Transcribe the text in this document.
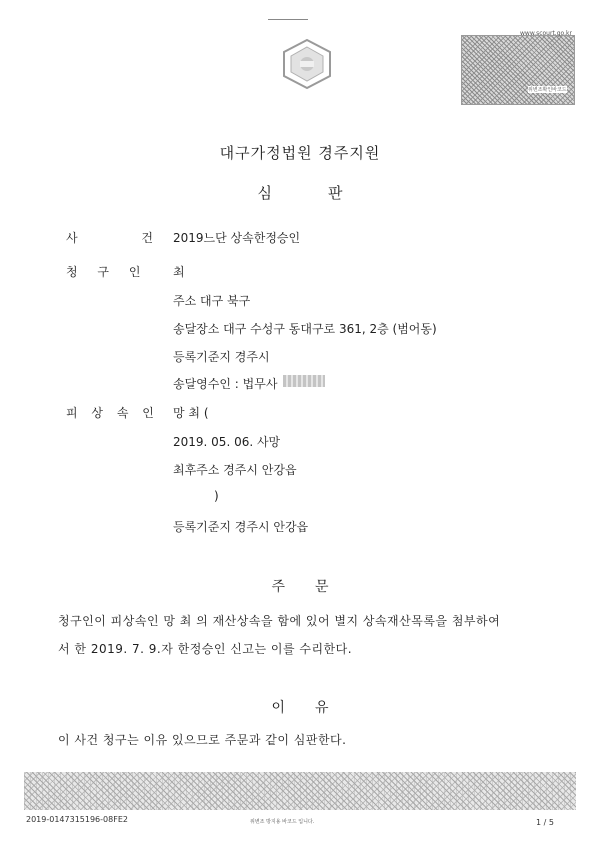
www.scourt.go.kr
위변조확인바코드
대구가정법원 경주지원
심판
사 건
2019느단 상속한정승인
청 구 인 최
주소 대구 북구
송달장소 대구 수성구 동대구로 361, 2층 (범어동)
등록기준지 경주시
송달영수인 : 법무사
피 상 속 인 망 최 (
2019. 05. 06. 사망
최후주소 경주시 안강읍
)
등록기준지 경주시 안강읍
주문
청구인이 피상속인 망 최 의 재산상속을 함에 있어 별지 상속재산목록을 첨부하여
서 한 2019. 7. 9.자 한정승인 신고는 이를 수리한다.
이유
이 사건 청구는 이유 있으므로 주문과 같이 심판한다.
2019-0147315196-08FE2	위변조 방지용 바코드 입니다.	1 / 5
